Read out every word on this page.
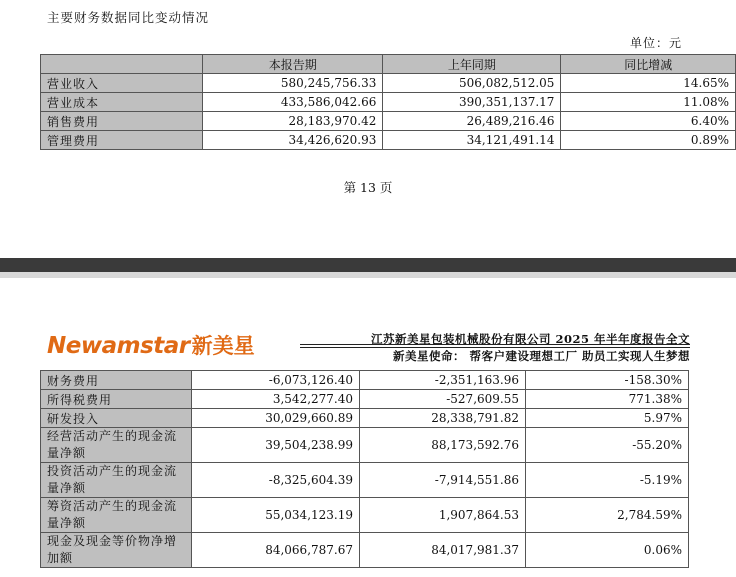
主要财务数据同比变动情况
单位：元
	本报告期	上年同期	同比增减
营业收入	580,245,756.33	506,082,512.05	14.65%
营业成本	433,586,042.66	390,351,137.17	11.08%
销售费用	28,183,970.42	26,489,216.46	6.40%
管理费用	34,426,620.93	34,121,491.14	0.89%
第 13 页
Newamstar 新美星	江苏新美星包装机械股份有限公司 2025 年半年度报告全文
新美星使命： 帮客户建设理想工厂 助员工实现人生梦想
财务费用	-6,073,126.40	-2,351,163.96	-158.30%
所得税费用	3,542,277.40	-527,609.55	771.38%
研发投入	30,029,660.89	28,338,791.82	5.97%
经营活动产生的现金流量净额	39,504,238.99	88,173,592.76	-55.20%
投资活动产生的现金流量净额	-8,325,604.39	-7,914,551.86	-5.19%
筹资活动产生的现金流量净额	55,034,123.19	1,907,864.53	2,784.59%
现金及现金等价物净增加额	84,066,787.67	84,017,981.37	0.06%
